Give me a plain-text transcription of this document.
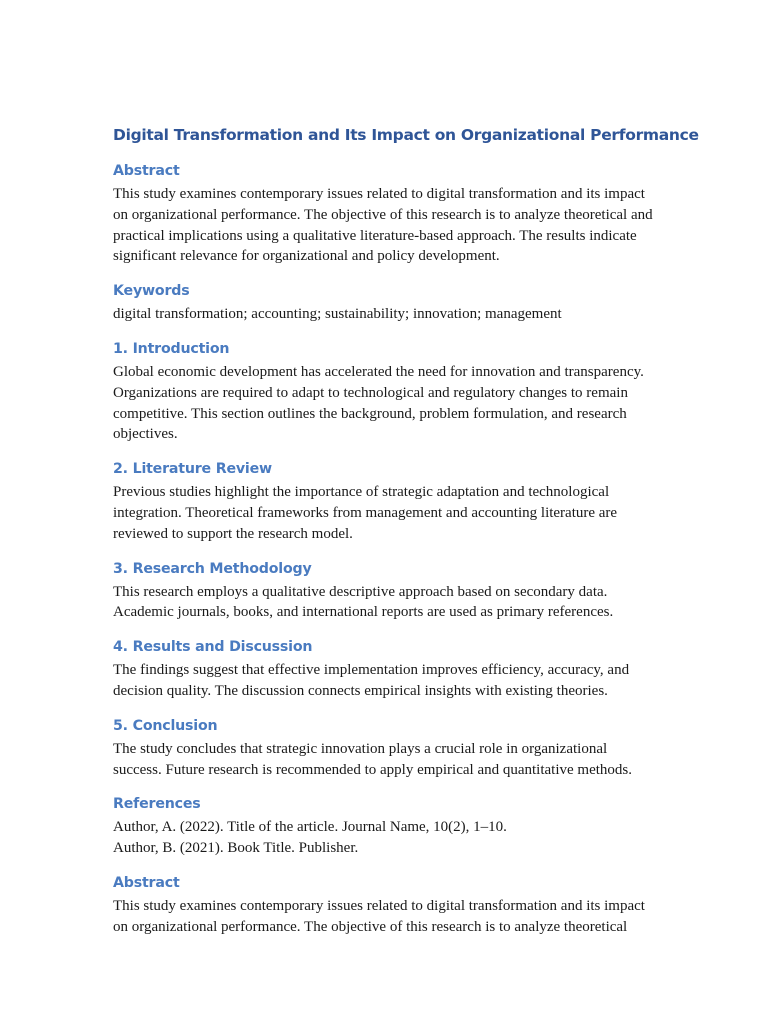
Digital Transformation and Its Impact on Organizational Performance
Abstract

This study examines contemporary issues related to digital transformation and its impact on organizational performance. The objective of this research is to analyze theoretical and practical implications using a qualitative literature-based approach. The results indicate significant relevance for organizational and policy development.

Keywords

digital transformation; accounting; sustainability; innovation; management

1. Introduction

Global economic development has accelerated the need for innovation and transparency. Organizations are required to adapt to technological and regulatory changes to remain competitive. This section outlines the background, problem formulation, and research objectives.

2. Literature Review

Previous studies highlight the importance of strategic adaptation and technological integration. Theoretical frameworks from management and accounting literature are reviewed to support the research model.

3. Research Methodology

This research employs a qualitative descriptive approach based on secondary data. Academic journals, books, and international reports are used as primary references.

4. Results and Discussion

The findings suggest that effective implementation improves efficiency, accuracy, and decision quality. The discussion connects empirical insights with existing theories.

5. Conclusion

The study concludes that strategic innovation plays a crucial role in organizational success. Future research is recommended to apply empirical and quantitative methods.

References
Author, A. (2022). Title of the article. Journal Name, 10(2), 1–10.
Author, B. (2021). Book Title. Publisher.
Abstract

This study examines contemporary issues related to digital transformation and its impact on organizational performance. The objective of this research is to analyze theoretical
